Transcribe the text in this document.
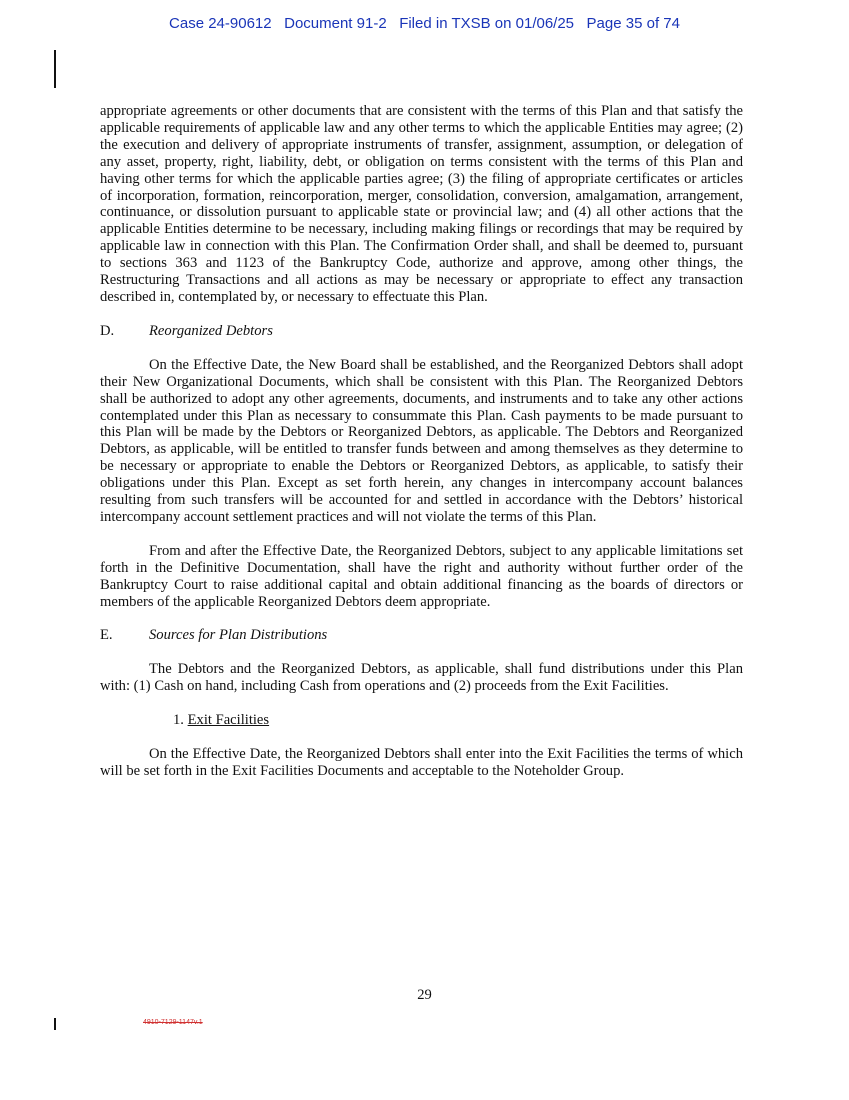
Case 24-90612 Document 91-2 Filed in TXSB on 01/06/25 Page 35 of 74

appropriate agreements or other documents that are consistent with the terms of this Plan and that satisfy the applicable requirements of applicable law and any other terms to which the applicable Entities may agree; (2) the execution and delivery of appropriate instruments of transfer, assignment, assumption, or delegation of any asset, property, right, liability, debt, or obligation on terms consistent with the terms of this Plan and having other terms for which the applicable parties agree; (3) the filing of appropriate certificates or articles of incorporation, formation, reincorporation, merger, consolidation, conversion, amalgamation, arrangement, continuance, or dissolution pursuant to applicable state or provincial law; and (4) all other actions that the applicable Entities determine to be necessary, including making filings or recordings that may be required by applicable law in connection with this Plan. The Confirmation Order shall, and shall be deemed to, pursuant to sections 363 and 1123 of the Bankruptcy Code, authorize and approve, among other things, the Restructuring Transactions and all actions as may be necessary or appropriate to effect any transaction described in, contemplated by, or necessary to effectuate this Plan.

D.	Reorganized Debtors

On the Effective Date, the New Board shall be established, and the Reorganized Debtors shall adopt their New Organizational Documents, which shall be consistent with this Plan. The Reorganized Debtors shall be authorized to adopt any other agreements, documents, and instruments and to take any other actions contemplated under this Plan as necessary to consummate this Plan. Cash payments to be made pursuant to this Plan will be made by the Debtors or Reorganized Debtors, as applicable. The Debtors and Reorganized Debtors, as applicable, will be entitled to transfer funds between and among themselves as they determine to be necessary or appropriate to enable the Debtors or Reorganized Debtors, as applicable, to satisfy their obligations under this Plan. Except as set forth herein, any changes in intercompany account balances resulting from such transfers will be accounted for and settled in accordance with the Debtors’ historical intercompany account settlement practices and will not violate the terms of this Plan.

From and after the Effective Date, the Reorganized Debtors, subject to any applicable limitations set forth in the Definitive Documentation, shall have the right and authority without further order of the Bankruptcy Court to raise additional capital and obtain additional financing as the boards of directors or members of the applicable Reorganized Debtors deem appropriate.

E.	Sources for Plan Distributions

The Debtors and the Reorganized Debtors, as applicable, shall fund distributions under this Plan with: (1) Cash on hand, including Cash from operations and (2) proceeds from the Exit Facilities.

1. Exit Facilities

On the Effective Date, the Reorganized Debtors shall enter into the Exit Facilities the terms of which will be set forth in the Exit Facilities Documents and acceptable to the Noteholder Group.

29
4910-7129-1147v.1
